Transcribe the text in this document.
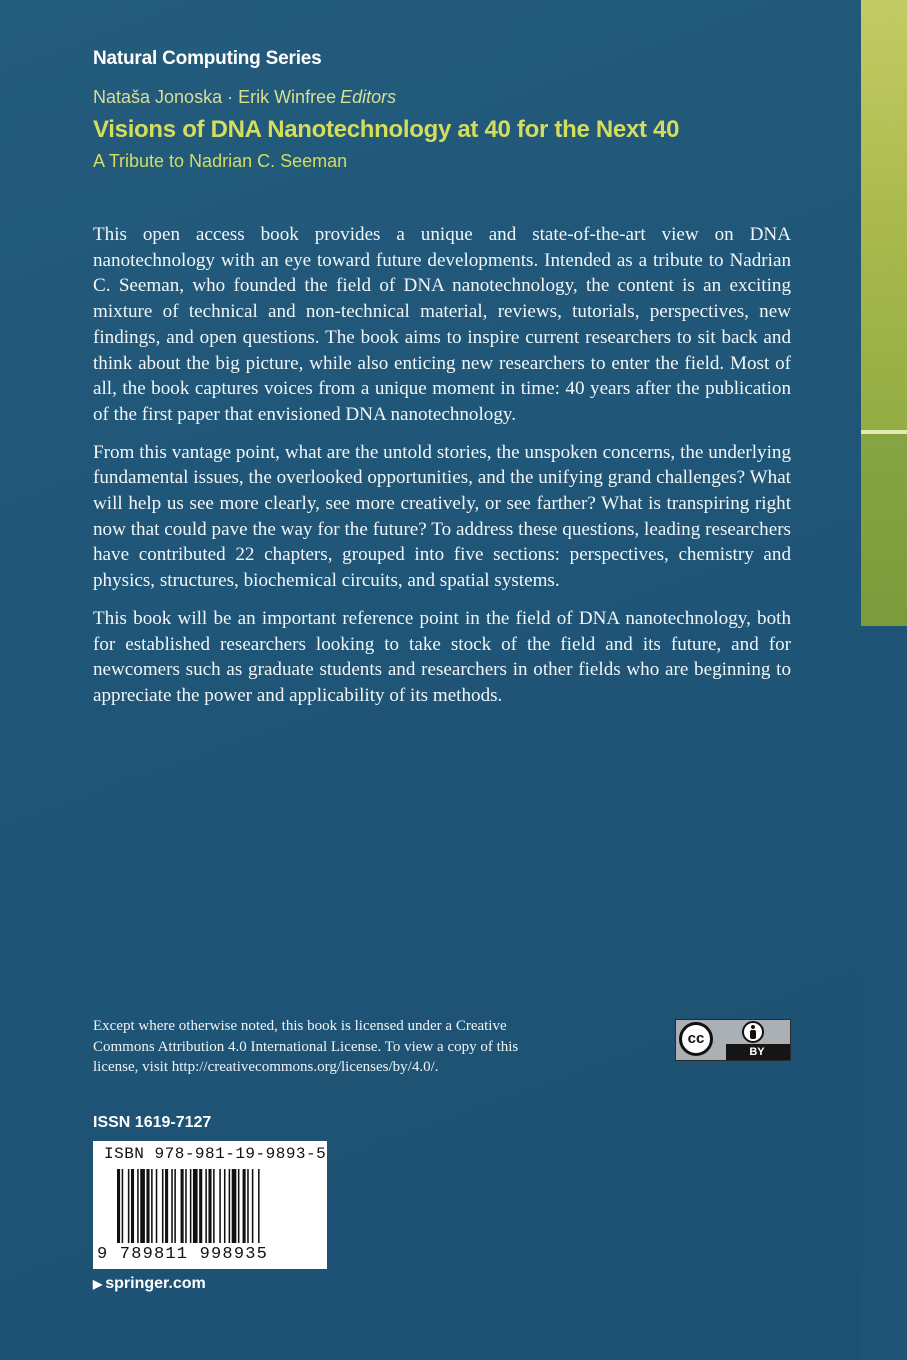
Natural Computing Series
Nataša Jonoska · Erik Winfree Editors
Visions of DNA Nanotechnology at 40 for the Next 40
A Tribute to Nadrian C. Seeman

This open access book provides a unique and state-of-the-art view on DNA nanotechnology with an eye toward future developments. Intended as a tribute to Nadrian C. Seeman, who founded the field of DNA nanotechnology, the content is an exciting mixture of technical and non-technical material, reviews, tutorials, perspectives, new findings, and open questions. The book aims to inspire current researchers to sit back and think about the big picture, while also enticing new researchers to enter the field. Most of all, the book captures voices from a unique moment in time: 40 years after the publication of the first paper that envisioned DNA nanotechnology.

From this vantage point, what are the untold stories, the unspoken concerns, the underlying fundamental issues, the overlooked opportunities, and the unifying grand challenges? What will help us see more clearly, see more creatively, or see farther? What is transpiring right now that could pave the way for the future? To address these questions, leading researchers have contributed 22 chapters, grouped into five sections: perspectives, chemistry and physics, structures, biochemical circuits, and spatial systems.

This book will be an important reference point in the field of DNA nanotechnology, both for established researchers looking to take stock of the field and its future, and for newcomers such as graduate students and researchers in other fields who are beginning to appreciate the power and applicability of its methods.

Except where otherwise noted, this book is licensed under a Creative
Commons Attribution 4.0 International License. To view a copy of this
license, visit http://creativecommons.org/licenses/by/4.0/.
cc
BY
ISSN 1619-7127
ISBN 978-981-19-9893-5
9 789811 998935
▶ springer.com
